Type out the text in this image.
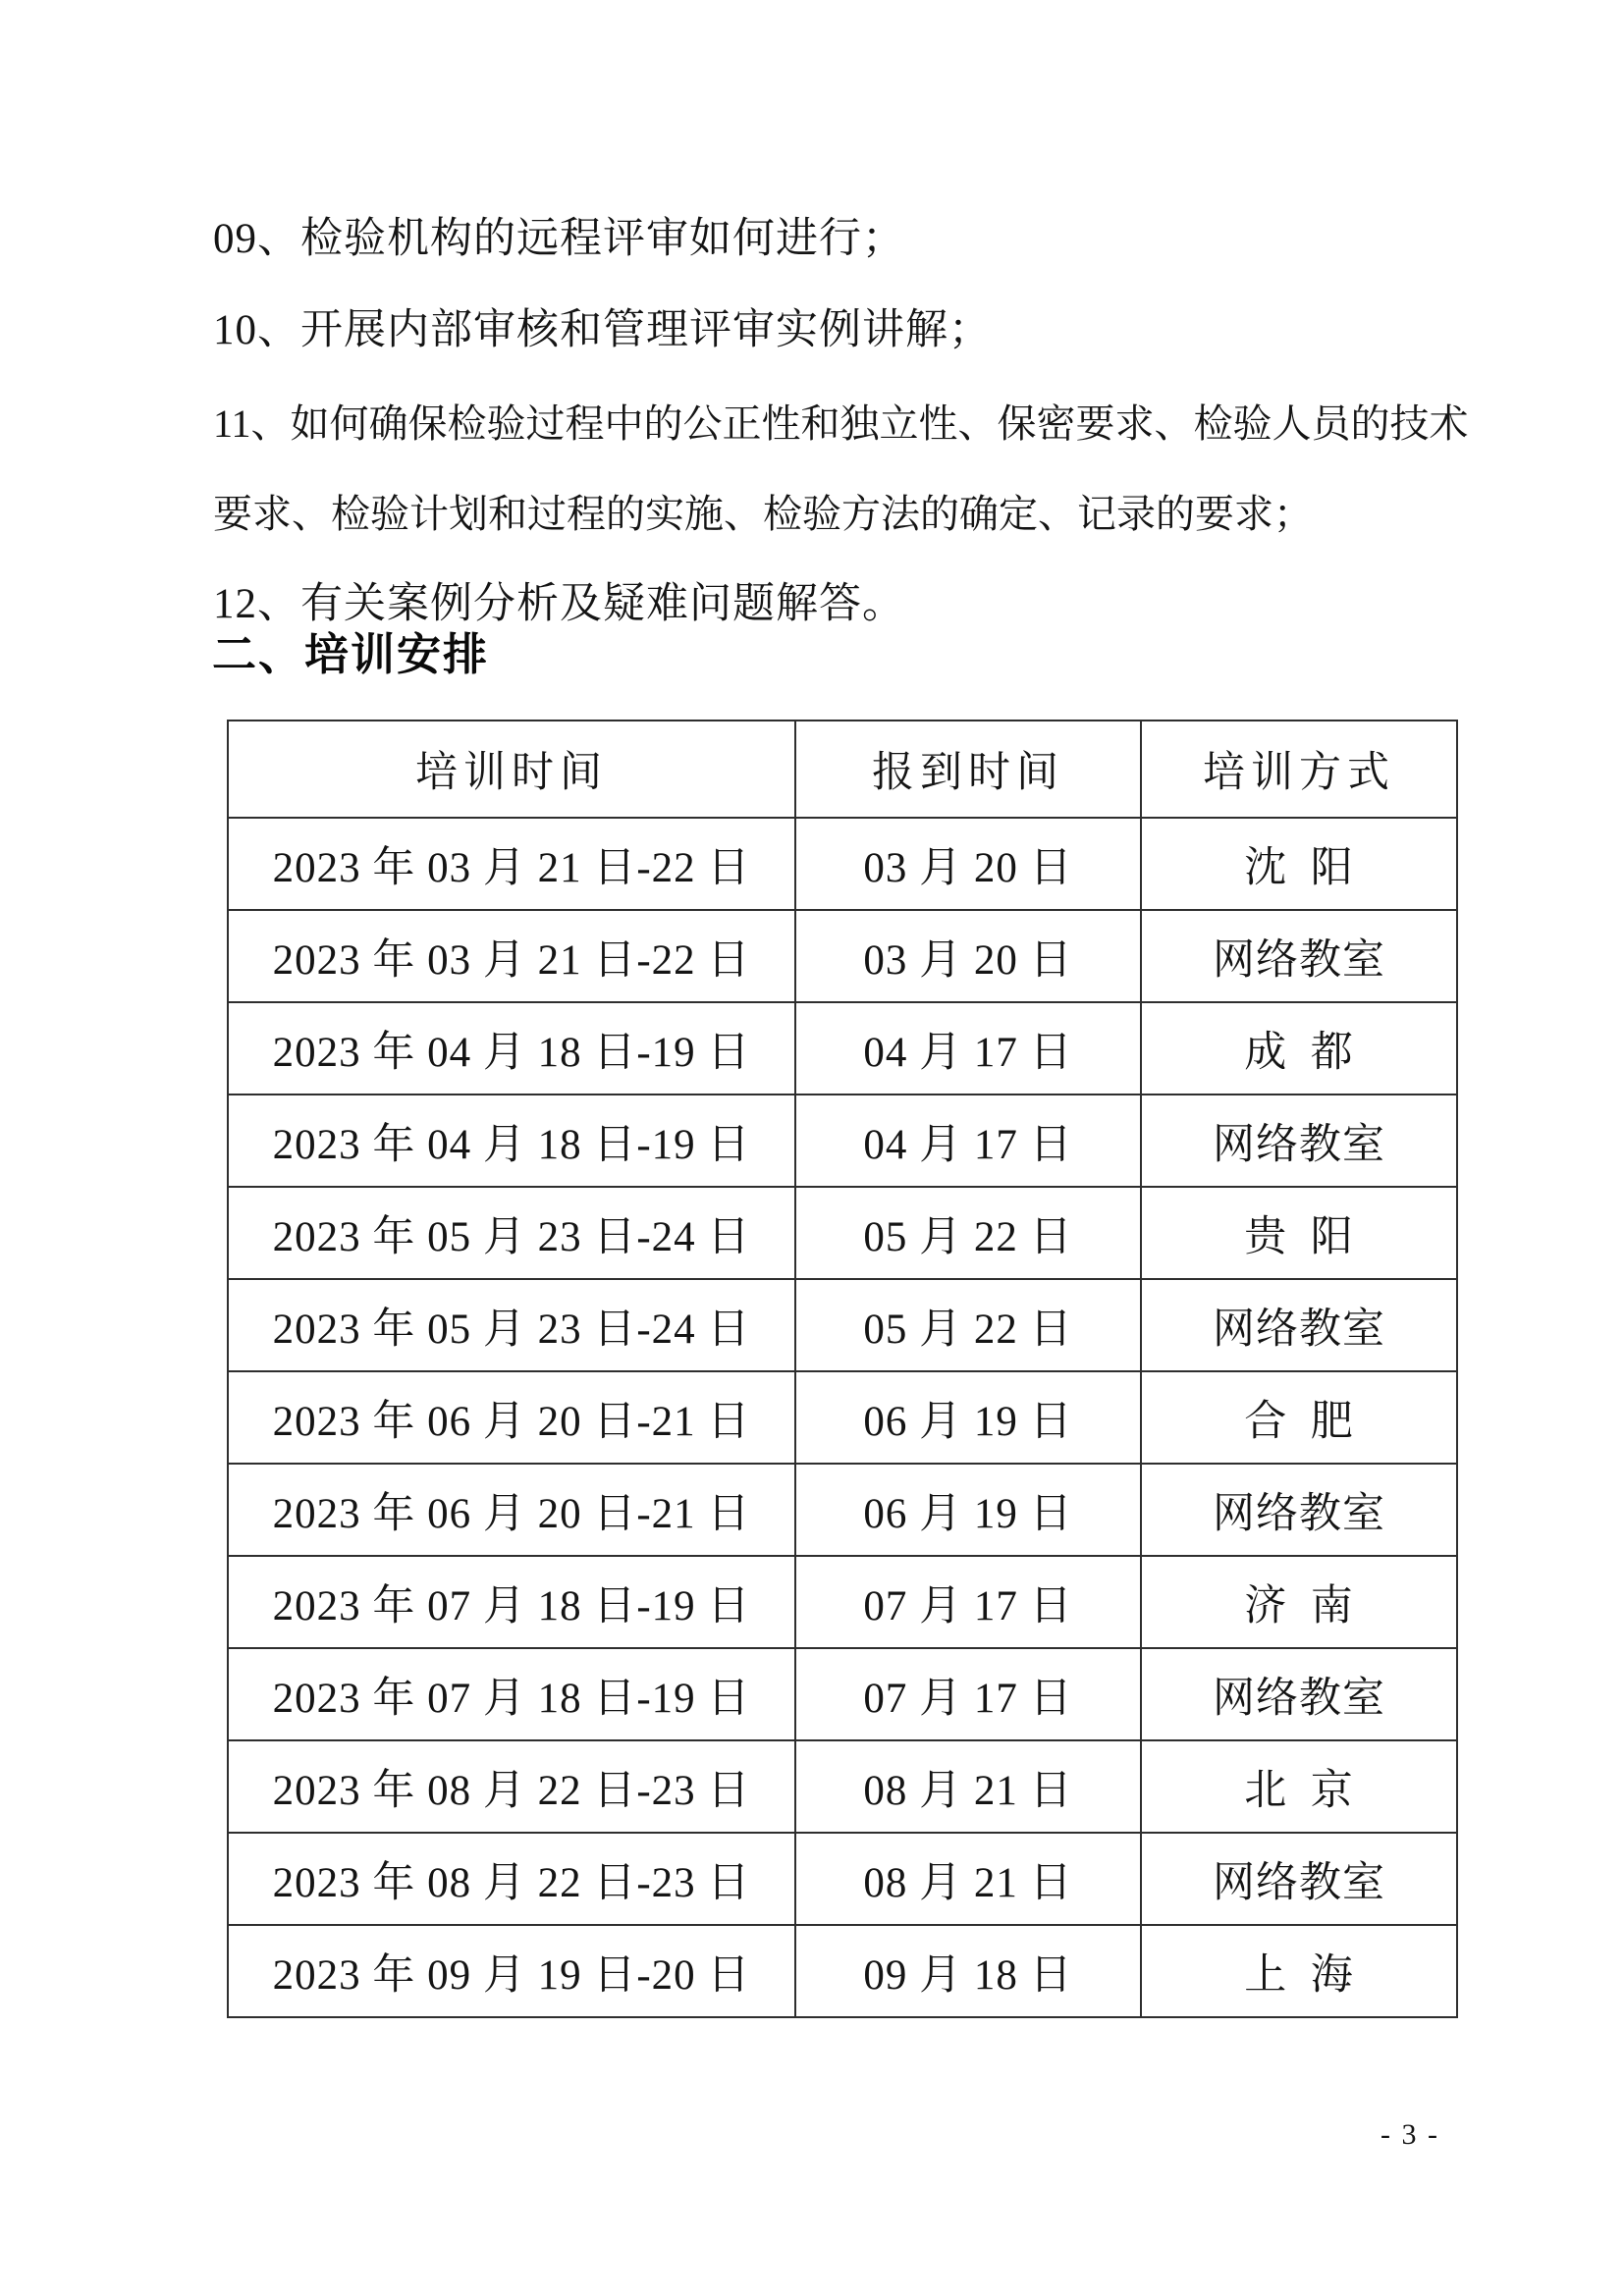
09、检验机构的远程评审如何进行；
10、开展内部审核和管理评审实例讲解；
11、如何确保检验过程中的公正性和独立性、保密要求、检验人员的技术
要求、检验计划和过程的实施、检验方法的确定、记录的要求；
12、有关案例分析及疑难问题解答。
二、培训安排
培训时间	报到时间	培训方式
2023 年 03 月 21 日-22 日	03 月 20 日	沈  阳
2023 年 03 月 21 日-22 日	03 月 20 日	网络教室
2023 年 04 月 18 日-19 日	04 月 17 日	成  都
2023 年 04 月 18 日-19 日	04 月 17 日	网络教室
2023 年 05 月 23 日-24 日	05 月 22 日	贵  阳
2023 年 05 月 23 日-24 日	05 月 22 日	网络教室
2023 年 06 月 20 日-21 日	06 月 19 日	合  肥
2023 年 06 月 20 日-21 日	06 月 19 日	网络教室
2023 年 07 月 18 日-19 日	07 月 17 日	济  南
2023 年 07 月 18 日-19 日	07 月 17 日	网络教室
2023 年 08 月 22 日-23 日	08 月 21 日	北  京
2023 年 08 月 22 日-23 日	08 月 21 日	网络教室
2023 年 09 月 19 日-20 日	09 月 18 日	上  海
- 3 -
